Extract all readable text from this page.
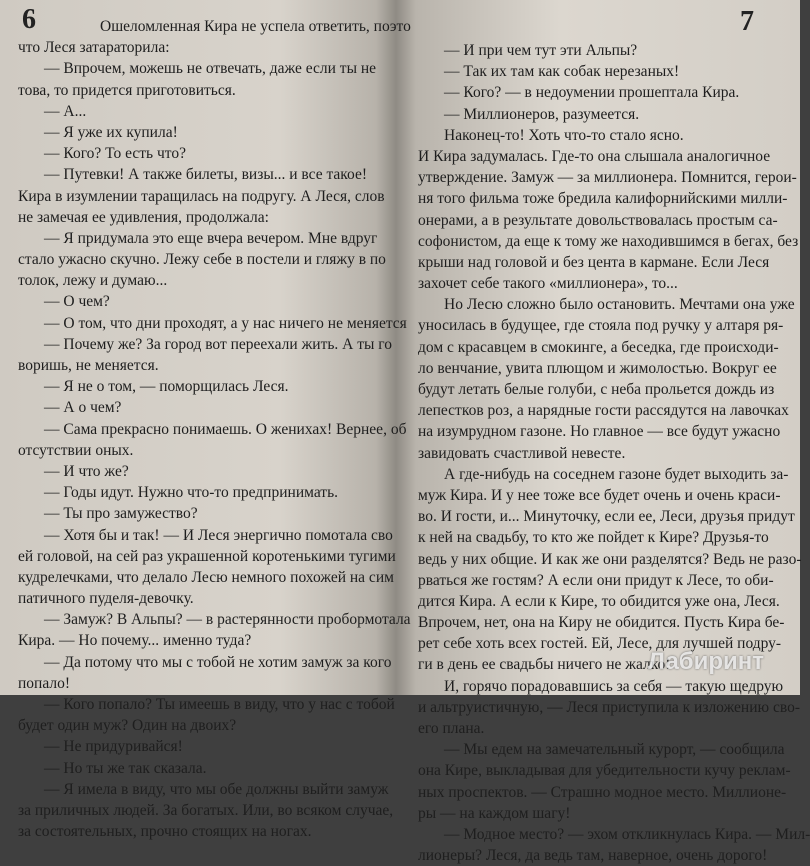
6	Ошеломленная Кира не успела ответить, поэто
что Леся затараторила:
— Впрочем, можешь не отвечать, даже если ты не
това, то придется приготовиться.
— А...
— Я уже их купила!
— Кого? То есть что?
— Путевки! А также билеты, визы... и все такое!
Кира в изумлении таращилась на подругу. А Леся, слов
не замечая ее удивления, продолжала:
— Я придумала это еще вчера вечером. Мне вдруг
стало ужасно скучно. Лежу себе в постели и гляжу в по
толок, лежу и думаю...
— О чем?
— О том, что дни проходят, а у нас ничего не меняется
— Почему же? За город вот переехали жить. А ты го
воришь, не меняется.
— Я не о том, — поморщилась Леся.
— А о чем?
— Сама прекрасно понимаешь. О женихах! Вернее, об
отсутствии оных.
— И что же?
— Годы идут. Нужно что-то предпринимать.
— Ты про замужество?
— Хотя бы и так! — И Леся энергично помотала сво
ей головой, на сей раз украшенной коротенькими тугими
кудрелечками, что делало Лесю немного похожей на сим
патичного пуделя-девочку.
— Замуж? В Альпы? — в растерянности пробормотала
Кира. — Но почему... именно туда?
— Да потому что мы с тобой не хотим замуж за кого
попало!
— Кого попало? Ты имеешь в виду, что у нас с тобой
будет один муж? Один на двоих?
— Не придуривайся!
— Но ты же так сказала.
— Я имела в виду, что мы обе должны выйти замуж
за приличных людей. За богатых. Или, во всяком случае,
за состоятельных, прочно стоящих на ногах.
7
— И при чем тут эти Альпы?
— Так их там как собак нерезаных!
— Кого? — в недоумении прошептала Кира.
— Миллионеров, разумеется.
Наконец-то! Хоть что-то стало ясно.
И Кира задумалась. Где-то она слышала аналогичное
утверждение. Замуж — за миллионера. Помнится, герои-
ня того фильма тоже бредила калифорнийскими милли-
онерами, а в результате довольствовалась простым са-
софонистом, да еще к тому же находившимся в бегах, без
крыши над головой и без цента в кармане. Если Леся
захочет себе такого «миллионера», то...
Но Лесю сложно было остановить. Мечтами она уже
уносилась в будущее, где стояла под ручку у алтаря ря-
дом с красавцем в смокинге, а беседка, где происходи-
ло венчание, увита плющом и жимолостью. Вокруг ее
будут летать белые голуби, с неба прольется дождь из
лепестков роз, а нарядные гости рассядутся на лавочках
на изумрудном газоне. Но главное — все будут ужасно
завидовать счастливой невесте.
А где-нибудь на соседнем газоне будет выходить за-
муж Кира. И у нее тоже все будет очень и очень краси-
во. И гости, и... Минуточку, если ее, Леси, друзья придут
к ней на свадьбу, то кто же пойдет к Кире? Друзья-то
ведь у них общие. И как же они разделятся? Ведь не разо-
рваться же гостям? А если они придут к Лесе, то оби-
дится Кира. А если к Кире, то обидится уже она, Леся.
Впрочем, нет, она на Киру не обидится. Пусть Кира бе-
рет себе хоть всех гостей. Ей, Лесе, для лучшей подру-
ги в день ее свадьбы ничего не жалко!
И, горячо порадовавшись за себя — такую щедрую
и альтруистичную, — Леся приступила к изложению сво-
его плана.
— Мы едем на замечательный курорт, — сообщила
она Кире, выкладывая для убедительности кучу реклам-
ных проспектов. — Страшно модное место. Миллионе-
ры — на каждом шагу!
— Модное место? — эхом откликнулась Кира. — Мил-
лионеры? Леся, да ведь там, наверное, очень дорого!
Лабиринт
